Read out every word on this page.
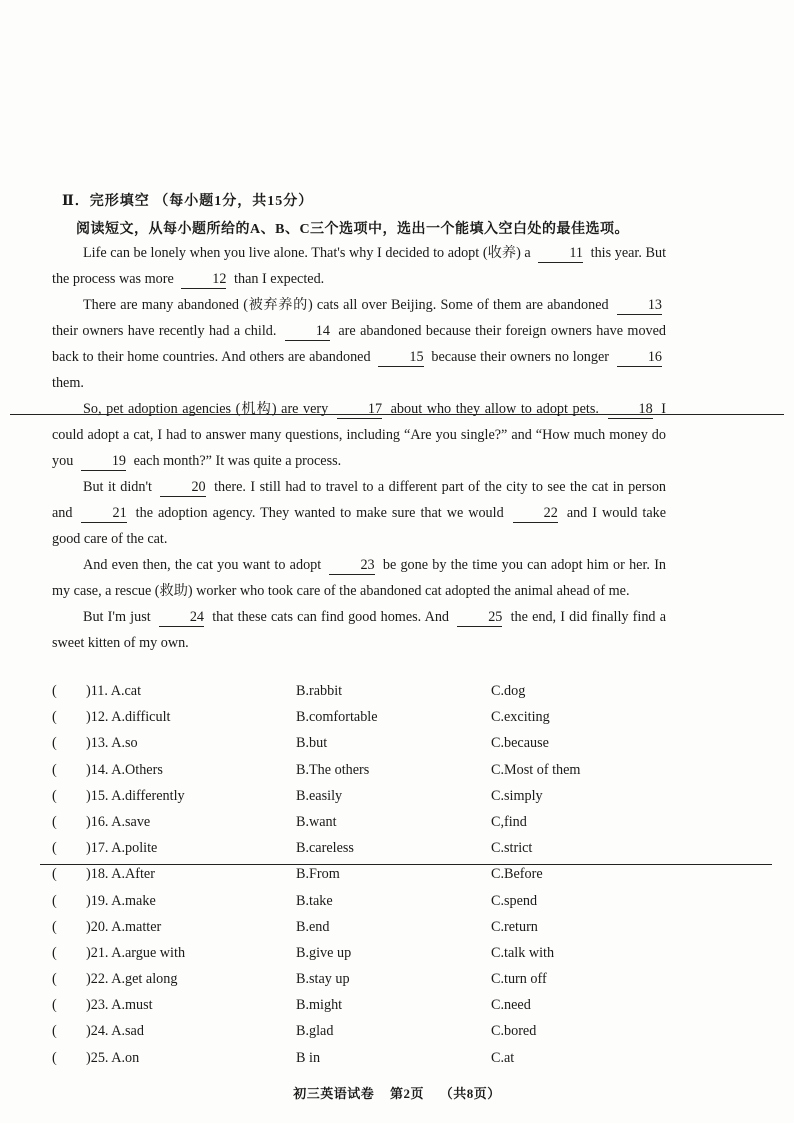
Ⅱ．完形填空 （每小题1分，共15分）
阅读短文，从每小题所给的A、B、C三个选项中，选出一个能填入空白处的最佳选项。

Life can be lonely when you live alone. That's why I decided to adopt (收养) a	11 this year. But the process was more	12 than I expected.

There are many abandoned (被弃养的) cats all over Beijing. Some of them are abandoned	13 their owners have recently had a child.	14 are abandoned because their foreign owners have moved back to their home countries. And others are abandoned	15 because their owners no longer	16 them.

So, pet adoption agencies (机构) are very	17 about who they allow to adopt pets.	18 I could adopt a cat, I had to answer many questions, including “Are you single?” and “How much money do you	19 each month?” It was quite a process.

But it didn't	20 there. I still had to travel to a different part of the city to see the cat in person and	21 the adoption agency. They wanted to make sure that we would	22 and I would take good care of the cat.

And even then, the cat you want to adopt	23 be gone by the time you can adopt him or her. In my case, a rescue (救助) worker who took care of the abandoned cat adopted the animal ahead of me.

But I'm just	24 that these cats can find good homes. And	25 the end, I did finally find a sweet kitten of my own.

( )11. A.cat	B.rabbit	C.dog
( )12. A.difficult	B.comfortable	C.exciting
( )13. A.so	B.but	C.because
( )14. A.Others	B.The others	C.Most of them
( )15. A.differently	B.easily	C.simply
( )16. A.save	B.want	C,find
( )17. A.polite	B.careless	C.strict
( )18. A.After	B.From	C.Before
( )19. A.make	B.take	C.spend
( )20. A.matter	B.end	C.return
( )21. A.argue with	B.give up	C.talk with
( )22. A.get along	B.stay up	C.turn off
( )23. A.must	B.might	C.need
( )24. A.sad	B.glad	C.bored
( )25. A.on	B in	C.at
初三英语试卷 第2页 （共8页）
